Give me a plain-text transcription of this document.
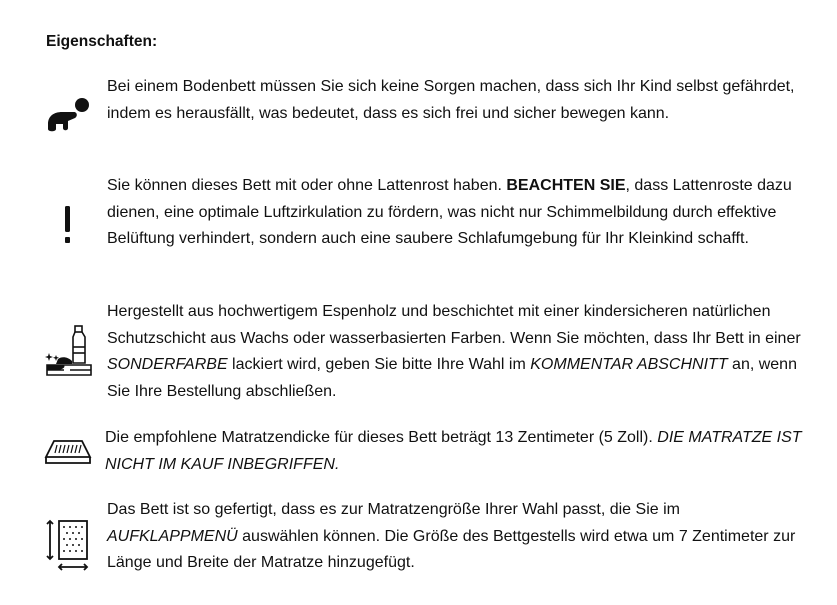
Eigenschaften:

Bei einem Bodenbett müssen Sie sich keine Sorgen machen, dass sich Ihr Kind selbst gefährdet, indem es herausfällt, was bedeutet, dass es sich frei und sicher bewegen kann.

Sie können dieses Bett mit oder ohne Lattenrost haben. BEACHTEN SIE, dass Lattenroste dazu dienen, eine optimale Luftzirkulation zu fördern, was nicht nur Schimmelbildung durch effektive Belüftung verhindert, sondern auch eine saubere Schlafumgebung für Ihr Kleinkind schafft.

Hergestellt aus hochwertigem Espenholz und beschichtet mit einer kindersicheren natürlichen Schutzschicht aus Wachs oder wasserbasierten Farben. Wenn Sie möchten, dass Ihr Bett in einer SONDERFARBE lackiert wird, geben Sie bitte Ihre Wahl im KOMMENTAR ABSCHNITT an, wenn Sie Ihre Bestellung abschließen.

Die empfohlene Matratzendicke für dieses Bett beträgt 13 Zentimeter (5 Zoll). DIE MATRATZE IST NICHT IM KAUF INBEGRIFFEN.

Das Bett ist so gefertigt, dass es zur Matratzengröße Ihrer Wahl passt, die Sie im AUFKLAPPMENÜ auswählen können. Die Größe des Bettgestells wird etwa um 7 Zentimeter zur Länge und Breite der Matratze hinzugefügt.
